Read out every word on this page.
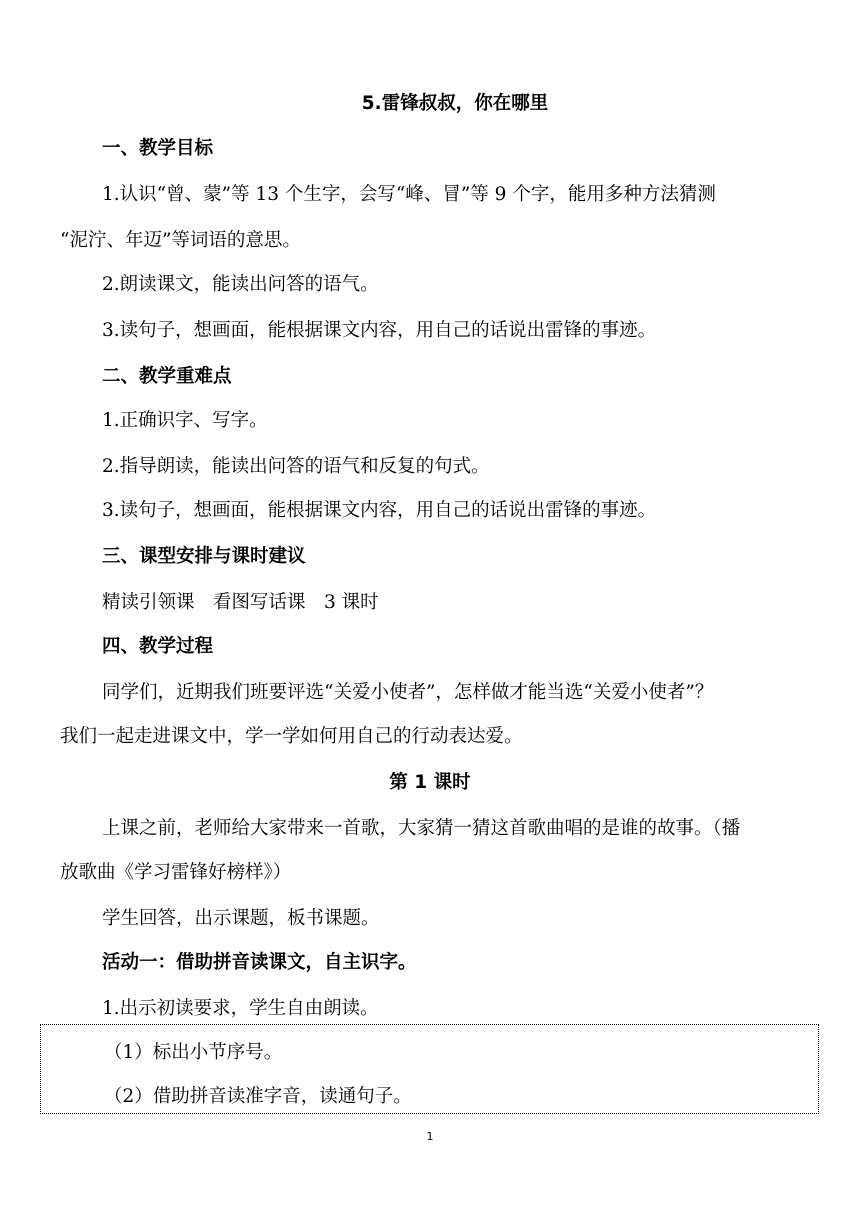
5.雷锋叔叔，你在哪里
一、教学目标
1.认识“曾、蒙”等 13 个生字，会写“峰、冒”等 9 个字，能用多种方法猜测
“泥泞、年迈”等词语的意思。
2.朗读课文，能读出问答的语气。
3.读句子，想画面，能根据课文内容，用自己的话说出雷锋的事迹。
二、教学重难点
1.正确识字、写字。
2.指导朗读，能读出问答的语气和反复的句式。
3.读句子，想画面，能根据课文内容，用自己的话说出雷锋的事迹。
三、课型安排与课时建议
精读引领课　看图写话课　3 课时
四、教学过程
同学们，近期我们班要评选“关爱小使者”，怎样做才能当选“关爱小使者”？
我们一起走进课文中，学一学如何用自己的行动表达爱。
第 1 课时
上课之前，老师给大家带来一首歌，大家猜一猜这首歌曲唱的是谁的故事。（播
放歌曲《学习雷锋好榜样》）
学生回答，出示课题，板书课题。
活动一：借助拼音读课文，自主识字。
1.出示初读要求，学生自由朗读。
（1）标出小节序号。
（2）借助拼音读准字音，读通句子。
1
